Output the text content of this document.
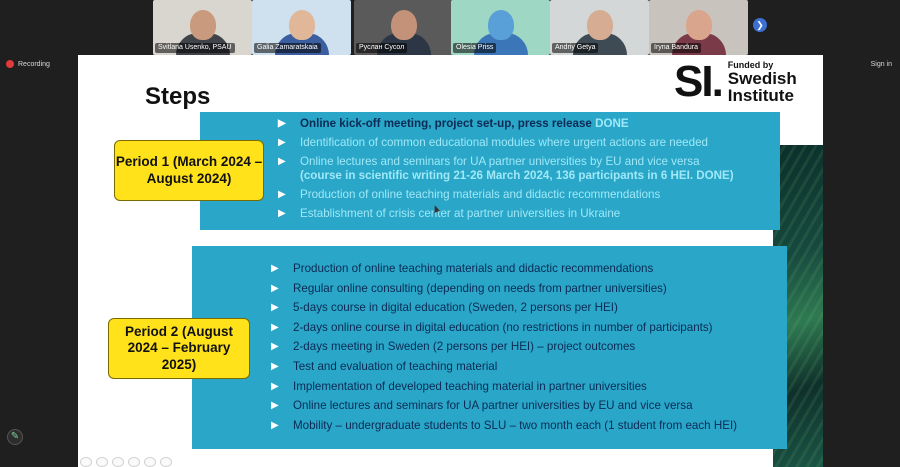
Svitlana Usenko, PSAU	Galia Zamaratskaia	Руслан Сусол	Olesia Priss	Andriy Getya	Iryna Bandura
❯
Recording	Sign in
Steps	SI. Funded by
Swedish
Institute
▶ Online kick-off meeting, project set-up, press release DONE
▶ Identification of common educational modules where urgent actions are needed
▶ Online lectures and seminars for UA partner universities by EU and vice versa
(course in scientific writing 21-26 March 2024, 136 participants in 6 HEI. DONE)
▶ Production of online teaching materials and didactic recommendations
▶ Establishment of crisis center at partner universities in Ukraine
▶ Production of online teaching materials and didactic recommendations
▶ Regular online consulting (depending on needs from partner universities)
▶ 5-days course in digital education (Sweden, 2 persons per HEI)
▶ 2-days online course in digital education (no restrictions in number of participants)
▶ 2-days meeting in Sweden (2 persons per HEI) – project outcomes
▶ Test and evaluation of teaching material
▶ Implementation of developed teaching material in partner universities
▶ Online lectures and seminars for UA partner universities by EU and vice versa
▶ Mobility – undergraduate students to SLU – two month each (1 student from each HEI)
Period 1 (March 2024 – August 2024)
Period 2 (August 2024 – February 2025)
✎
